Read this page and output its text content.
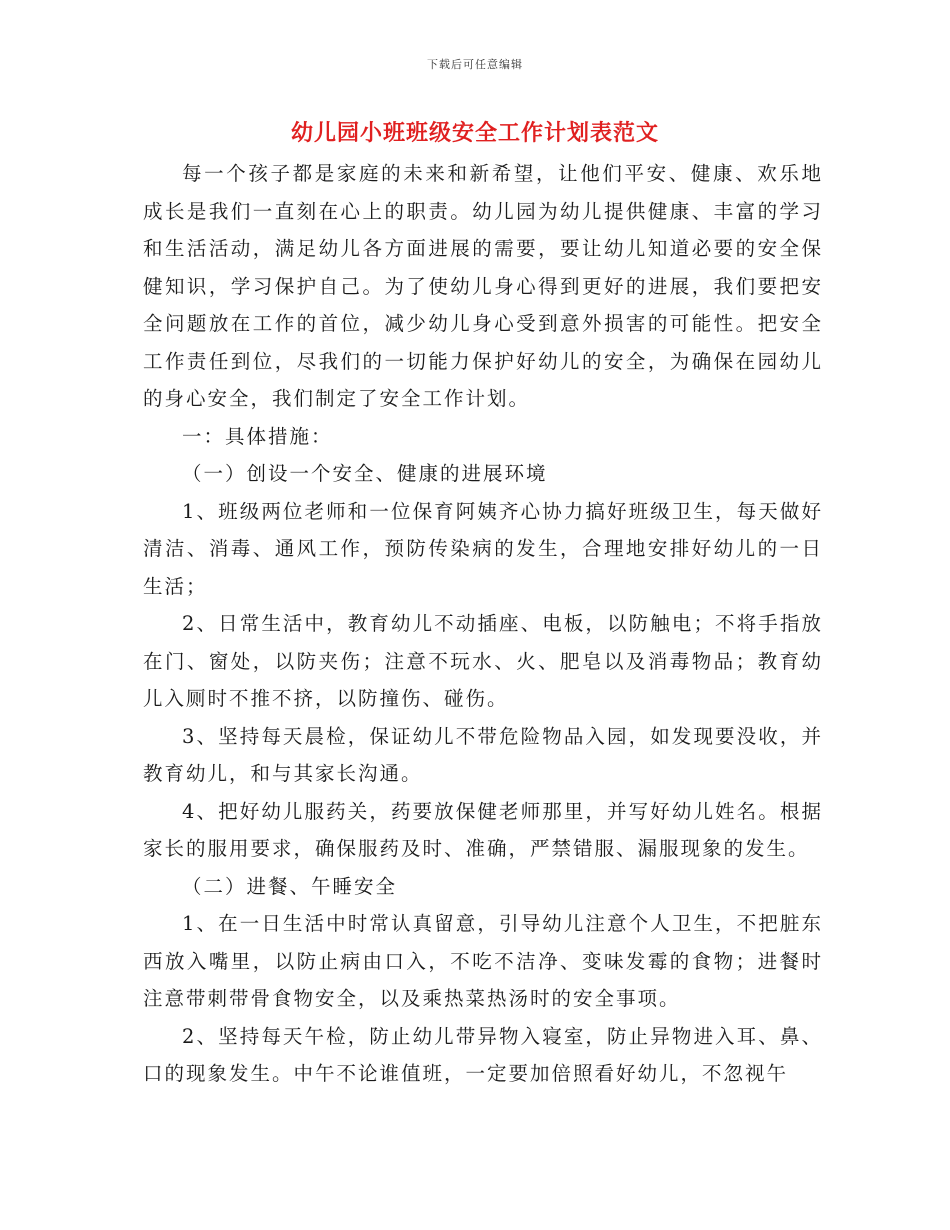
下载后可任意编辑
幼儿园小班班级安全工作计划表范文

每一个孩子都是家庭的未来和新希望，让他们平安、健康、欢乐地成长是我们一直刻在心上的职责。幼儿园为幼儿提供健康、丰富的学习和生活活动，满足幼儿各方面进展的需要，要让幼儿知道必要的安全保健知识，学习保护自己。为了使幼儿身心得到更好的进展，我们要把安全问题放在工作的首位，减少幼儿身心受到意外损害的可能性。把安全工作责任到位，尽我们的一切能力保护好幼儿的安全，为确保在园幼儿的身心安全，我们制定了安全工作计划。

一：具体措施：

（一）创设一个安全、健康的进展环境

1、班级两位老师和一位保育阿姨齐心协力搞好班级卫生，每天做好清洁、消毒、通风工作，预防传染病的发生，合理地安排好幼儿的一日生活；

2、日常生活中，教育幼儿不动插座、电板，以防触电；不将手指放在门、窗处，以防夹伤；注意不玩水、火、肥皂以及消毒物品；教育幼儿入厕时不推不挤，以防撞伤、碰伤。

3、坚持每天晨检，保证幼儿不带危险物品入园，如发现要没收，并教育幼儿，和与其家长沟通。

4、把好幼儿服药关，药要放保健老师那里，并写好幼儿姓名。根据家长的服用要求，确保服药及时、准确，严禁错服、漏服现象的发生。

（二）进餐、午睡安全

1、在一日生活中时常认真留意，引导幼儿注意个人卫生，不把脏东西放入嘴里，以防止病由口入，不吃不洁净、变味发霉的食物；进餐时注意带刺带骨食物安全，以及乘热菜热汤时的安全事项。

2、坚持每天午检，防止幼儿带异物入寝室，防止异物进入耳、鼻、口的现象发生。中午不论谁值班，一定要加倍照看好幼儿，不忽视午
